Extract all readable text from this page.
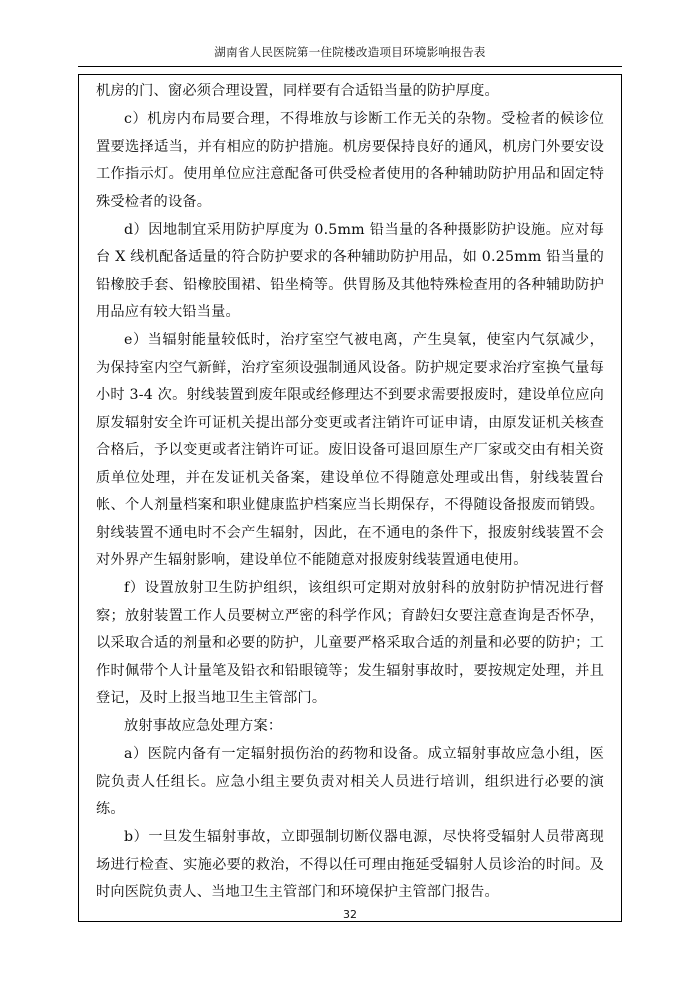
湖南省人民医院第一住院楼改造项目环境影响报告表

机房的门、窗必须合理设置，同样要有合适铅当量的防护厚度。

c）机房内布局要合理，不得堆放与诊断工作无关的杂物。受检者的候诊位置要选择适当，并有相应的防护措施。机房要保持良好的通风，机房门外要安设工作指示灯。使用单位应注意配备可供受检者使用的各种辅助防护用品和固定特殊受检者的设备。

d）因地制宜采用防护厚度为 0.5mm 铅当量的各种摄影防护设施。应对每台 X 线机配备适量的符合防护要求的各种辅助防护用品，如 0.25mm 铅当量的铅橡胶手套、铅橡胶围裙、铅坐椅等。供胃肠及其他特殊检查用的各种辅助防护用品应有较大铅当量。

e）当辐射能量较低时，治疗室空气被电离，产生臭氧，使室内气氛减少，为保持室内空气新鲜，治疗室须设强制通风设备。防护规定要求治疗室换气量每小时 3-4 次。射线装置到废年限或经修理达不到要求需要报废时，建设单位应向原发辐射安全许可证机关提出部分变更或者注销许可证申请，由原发证机关核查合格后，予以变更或者注销许可证。废旧设备可退回原生产厂家或交由有相关资质单位处理，并在发证机关备案，建设单位不得随意处理或出售，射线装置台帐、个人剂量档案和职业健康监护档案应当长期保存，不得随设备报废而销毁。射线装置不通电时不会产生辐射，因此，在不通电的条件下，报废射线装置不会对外界产生辐射影响，建设单位不能随意对报废射线装置通电使用。

f）设置放射卫生防护组织，该组织可定期对放射科的放射防护情况进行督察；放射装置工作人员要树立严密的科学作风；育龄妇女要注意查询是否怀孕，以采取合适的剂量和必要的防护，儿童要严格采取合适的剂量和必要的防护；工作时佩带个人计量笔及铅衣和铅眼镜等；发生辐射事故时，要按规定处理，并且登记，及时上报当地卫生主管部门。

放射事故应急处理方案：

a）医院内备有一定辐射损伤治的药物和设备。成立辐射事故应急小组，医院负责人任组长。应急小组主要负责对相关人员进行培训，组织进行必要的演练。

b）一旦发生辐射事故，立即强制切断仪器电源，尽快将受辐射人员带离现场进行检查、实施必要的救治，不得以任可理由拖延受辐射人员诊治的时间。及时向医院负责人、当地卫生主管部门和环境保护主管部门报告。

32
